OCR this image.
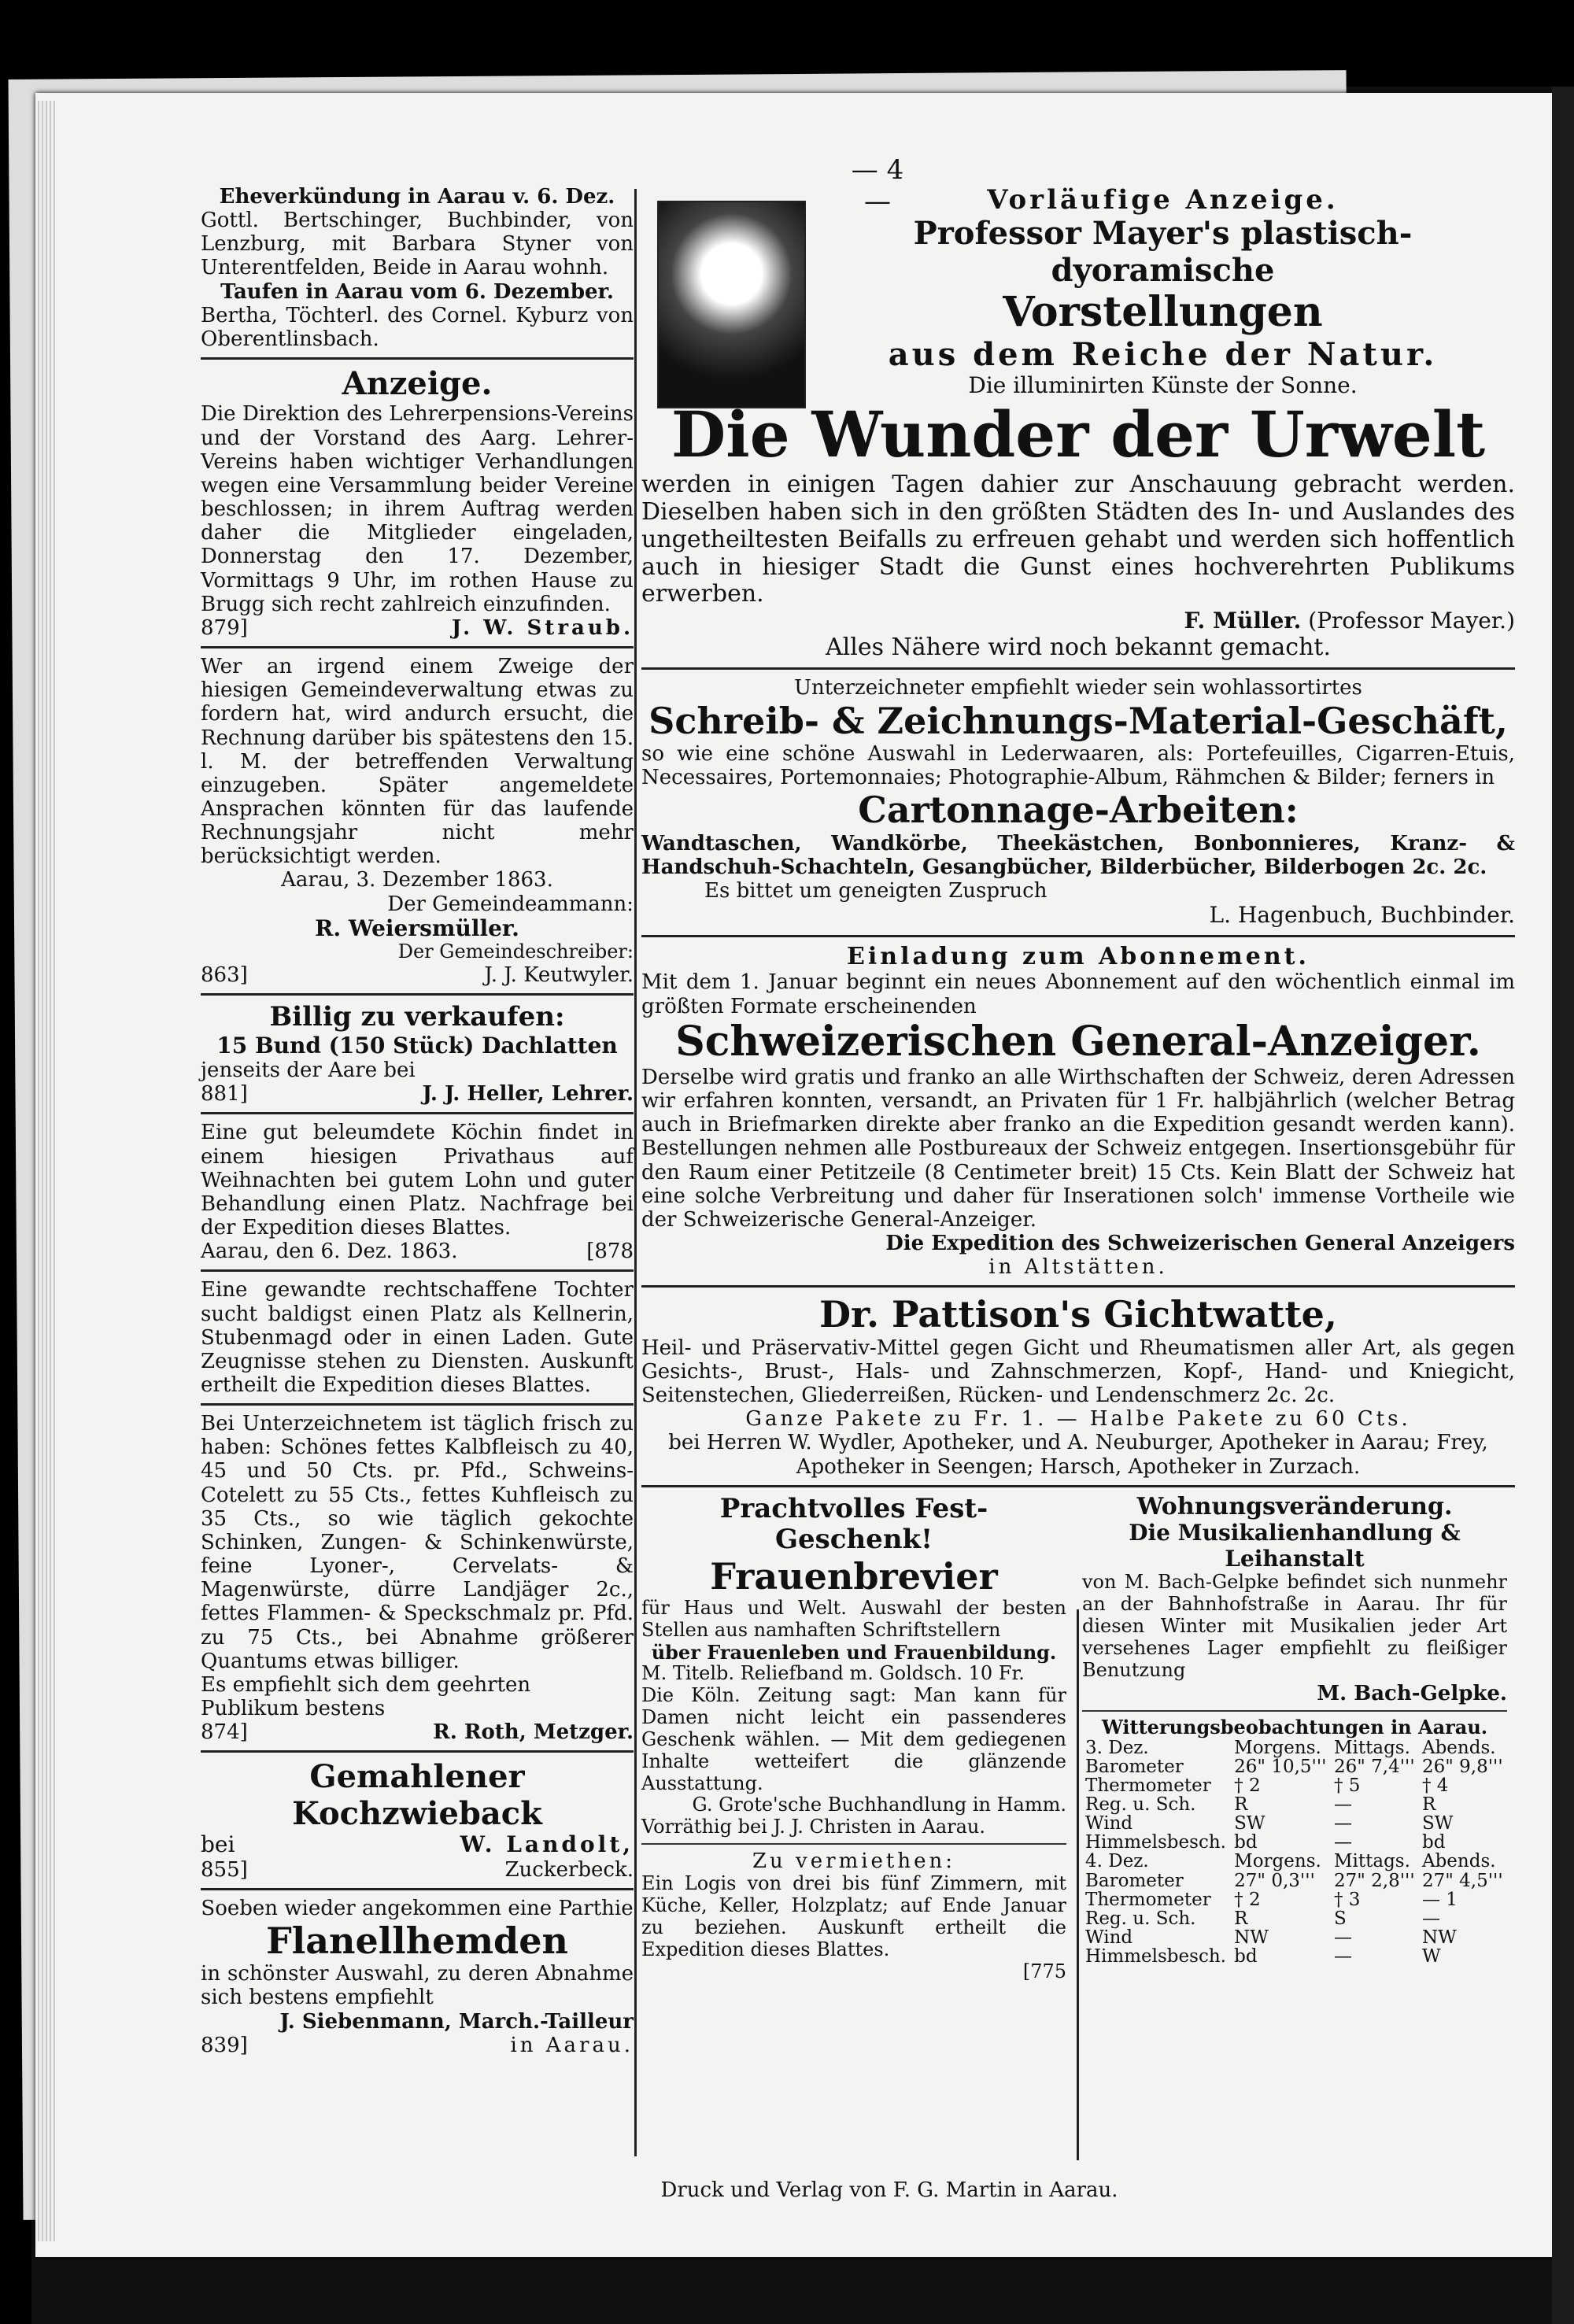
— 4 —
Eheverkündung in Aarau v. 6. Dez.
Gottl. Bertschinger, Buchbinder, von Lenzburg, mit Barbara Styner von Unterentfelden, Beide in Aarau wohnh.
Taufen in Aarau vom 6. Dezember.
Bertha, Töchterl. des Cornel. Kyburz von Oberentlinsbach.
Anzeige.
Die Direktion des Lehrerpensions-Vereins und der Vorstand des Aarg. Lehrer-Vereins haben wichtiger Verhandlungen wegen eine Versammlung beider Vereine beschlossen; in ihrem Auftrag werden daher die Mitglieder eingeladen, Donnerstag den 17. Dezember, Vormittags 9 Uhr, im rothen Hause zu Brugg sich recht zahlreich einzufinden.
879]	J. W. Straub.
Wer an irgend einem Zweige der hiesigen Gemeindeverwaltung etwas zu fordern hat, wird andurch ersucht, die Rechnung darüber bis spätestens den 15. l. M. der betreffenden Verwaltung einzugeben. Später angemeldete Ansprachen könnten für das laufende Rechnungsjahr nicht mehr berücksichtigt werden.
Aarau, 3. Dezember 1863.
Der Gemeindeammann:
R. Weiersmüller.
Der Gemeindeschreiber:
863]	J. J. Keutwyler.
Billig zu verkaufen:
15 Bund (150 Stück) Dachlatten
jenseits der Aare bei
881]	J. J. Heller, Lehrer.
Eine gut beleumdete Köchin findet in einem hiesigen Privathaus auf Weihnachten bei gutem Lohn und guter Behandlung einen Platz. Nachfrage bei der Expedition dieses Blattes.
Aarau, den 6. Dez. 1863.	[878
Eine gewandte rechtschaffene Tochter sucht baldigst einen Platz als Kellnerin, Stubenmagd oder in einen Laden. Gute Zeugnisse stehen zu Diensten. Auskunft ertheilt die Expedition dieses Blattes.
Bei Unterzeichnetem ist täglich frisch zu haben: Schönes fettes Kalbfleisch zu 40, 45 und 50 Cts. pr. Pfd., Schweins-Cotelett zu 55 Cts., fettes Kuhfleisch zu 35 Cts., so wie täglich gekochte Schinken, Zungen- & Schinkenwürste, feine Lyoner-, Cervelats- & Magenwürste, dürre Landjäger 2c., fettes Flammen- & Speckschmalz pr. Pfd. zu 75 Cts., bei Abnahme größerer Quantums etwas billiger.
Es empfiehlt sich dem geehrten Publikum bestens
874]	R. Roth, Metzger.
Gemahlener Kochzwieback
bei	W. Landolt,
855]	Zuckerbeck.
Soeben wieder angekommen eine Parthie
Flanellhemden
in schönster Auswahl, zu deren Abnahme sich bestens empfiehlt
J. Siebenmann, March.-Tailleur
839]	in Aarau.
Vorläufige Anzeige.
Professor Mayer's plastisch-dyoramische
Vorstellungen
aus dem Reiche der Natur.
Die illuminirten Künste der Sonne.
Die Wunder der Urwelt
werden in einigen Tagen dahier zur Anschauung gebracht werden. Dieselben haben sich in den größten Städten des In- und Auslandes des ungetheiltesten Beifalls zu erfreuen gehabt und werden sich hoffentlich auch in hiesiger Stadt die Gunst eines hochverehrten Publikums erwerben.
F. Müller. (Professor Mayer.)
Alles Nähere wird noch bekannt gemacht.
Unterzeichneter empfiehlt wieder sein wohlassortirtes
Schreib- & Zeichnungs-Material-Geschäft,
so wie eine schöne Auswahl in Lederwaaren, als: Portefeuilles, Cigarren-Etuis, Necessaires, Portemonnaies; Photographie-Album, Rähmchen & Bilder; ferners in
Cartonnage-Arbeiten:
Wandtaschen, Wandkörbe, Theekästchen, Bonbonnieres, Kranz- & Handschuh-Schachteln, Gesangbücher, Bilderbücher, Bilderbogen 2c. 2c.
Es bittet um geneigten Zuspruch
L. Hagenbuch, Buchbinder.
Einladung zum Abonnement.
Mit dem 1. Januar beginnt ein neues Abonnement auf den wöchentlich einmal im größten Formate erscheinenden
Schweizerischen General-Anzeiger.
Derselbe wird gratis und franko an alle Wirthschaften der Schweiz, deren Adressen wir erfahren konnten, versandt, an Privaten für 1 Fr. halbjährlich (welcher Betrag auch in Briefmarken direkte aber franko an die Expedition gesandt werden kann). Bestellungen nehmen alle Postbureaux der Schweiz entgegen. Insertionsgebühr für den Raum einer Petitzeile (8 Centimeter breit) 15 Cts. Kein Blatt der Schweiz hat eine solche Verbreitung und daher für Inserationen solch' immense Vortheile wie der Schweizerische General-Anzeiger.
Die Expedition des Schweizerischen General Anzeigers
in Altstätten.
Dr. Pattison's Gichtwatte,
Heil- und Präservativ-Mittel gegen Gicht und Rheumatismen aller Art, als gegen Gesichts-, Brust-, Hals- und Zahnschmerzen, Kopf-, Hand- und Kniegicht, Seitenstechen, Gliederreißen, Rücken- und Lendenschmerz 2c. 2c.
Ganze Pakete zu Fr. 1. — Halbe Pakete zu 60 Cts.
bei Herren W. Wydler, Apotheker, und A. Neuburger, Apotheker in Aarau; Frey, Apotheker in Seengen; Harsch, Apotheker in Zurzach.
Prachtvolles Fest-Geschenk!
Frauenbrevier
für Haus und Welt. Auswahl der besten Stellen aus namhaften Schriftstellern
über Frauenleben und Frauenbildung.
M. Titelb. Reliefband m. Goldsch. 10 Fr.
Die Köln. Zeitung sagt: Man kann für Damen nicht leicht ein passenderes Geschenk wählen. — Mit dem gediegenen Inhalte wetteifert die glänzende Ausstattung.
G. Grote'sche Buchhandlung in Hamm.
Vorräthig bei J. J. Christen in Aarau.
Zu vermiethen:
Ein Logis von drei bis fünf Zimmern, mit Küche, Keller, Holzplatz; auf Ende Januar zu beziehen. Auskunft ertheilt die Expedition dieses Blattes.
[775
Wohnungsveränderung.
Die Musikalienhandlung & Leihanstalt
von M. Bach-Gelpke befindet sich nunmehr an der Bahnhofstraße in Aarau. Ihr für diesen Winter mit Musikalien jeder Art versehenes Lager empfiehlt zu fleißiger Benutzung
M. Bach-Gelpke.
Witterungsbeobachtungen in Aarau.
3. Dez.	Morgens.	Mittags.	Abends.
Barometer	26" 10,5'''	26" 7,4'''	26" 9,8'''
Thermometer	† 2	† 5	† 4
Reg. u. Sch.	R	—	R
Wind	SW	—	SW
Himmelsbesch.	bd	—	bd
4. Dez.	Morgens.	Mittags.	Abends.
Barometer	27" 0,3'''	27" 2,8'''	27" 4,5'''
Thermometer	† 2	† 3	— 1
Reg. u. Sch.	R	S	—
Wind	NW	—	NW
Himmelsbesch.	bd	—	W
Druck und Verlag von F. G. Martin in Aarau.
